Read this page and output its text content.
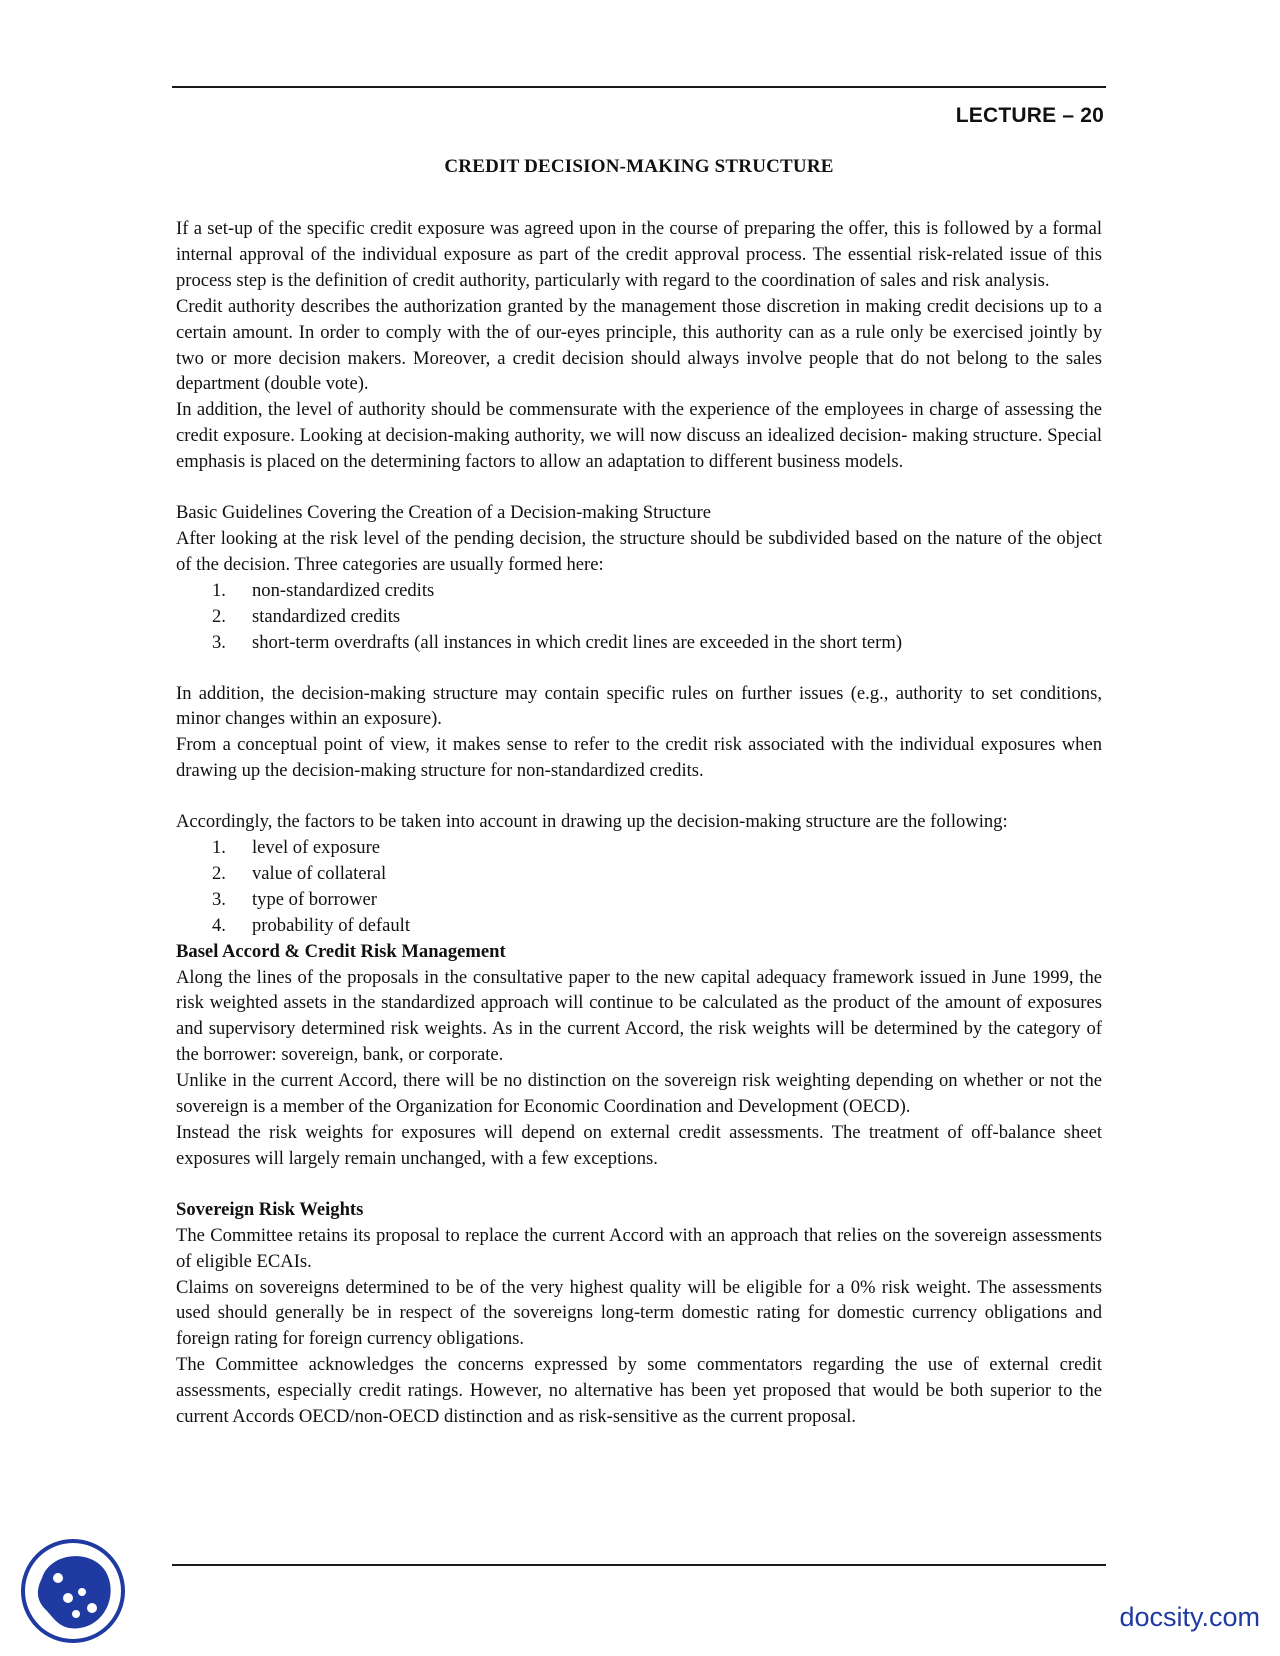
LECTURE – 20
CREDIT DECISION-MAKING STRUCTURE

If a set-up of the specific credit exposure was agreed upon in the course of preparing the offer, this is followed by a formal internal approval of the individual exposure as part of the credit approval process. The essential risk-related issue of this process step is the definition of credit authority, particularly with regard to the coordination of sales and risk analysis.

Credit authority describes the authorization granted by the management those discretion in making credit decisions up to a certain amount. In order to comply with the of our-eyes principle, this authority can as a rule only be exercised jointly by two or more decision makers. Moreover, a credit decision should always involve people that do not belong to the sales department (double vote).

In addition, the level of authority should be commensurate with the experience of the employees in charge of assessing the credit exposure. Looking at decision-making authority, we will now discuss an idealized decision- making structure. Special emphasis is placed on the determining factors to allow an adaptation to different business models.

Basic Guidelines Covering the Creation of a Decision-making Structure

After looking at the risk level of the pending decision, the structure should be subdivided based on the nature of the object of the decision. Three categories are usually formed here:

1. non-standardized credits
2. standardized credits
3. short-term overdrafts (all instances in which credit lines are exceeded in the short term)

In addition, the decision-making structure may contain specific rules on further issues (e.g., authority to set conditions, minor changes within an exposure).

From a conceptual point of view, it makes sense to refer to the credit risk associated with the individual exposures when drawing up the decision-making structure for non-standardized credits.

Accordingly, the factors to be taken into account in drawing up the decision-making structure are the following:

1. level of exposure
2. value of collateral
3. type of borrower
4. probability of default

Basel Accord & Credit Risk Management

Along the lines of the proposals in the consultative paper to the new capital adequacy framework issued in June 1999, the risk weighted assets in the standardized approach will continue to be calculated as the product of the amount of exposures and supervisory determined risk weights. As in the current Accord, the risk weights will be determined by the category of the borrower: sovereign, bank, or corporate.

Unlike in the current Accord, there will be no distinction on the sovereign risk weighting depending on whether or not the sovereign is a member of the Organization for Economic Coordination and Development (OECD).

Instead the risk weights for exposures will depend on external credit assessments. The treatment of off-balance sheet exposures will largely remain unchanged, with a few exceptions.

Sovereign Risk Weights

The Committee retains its proposal to replace the current Accord with an approach that relies on the sovereign assessments of eligible ECAIs.

Claims on sovereigns determined to be of the very highest quality will be eligible for a 0% risk weight. The assessments used should generally be in respect of the sovereigns long-term domestic rating for domestic currency obligations and foreign rating for foreign currency obligations.

The Committee acknowledges the concerns expressed by some commentators regarding the use of external credit assessments, especially credit ratings. However, no alternative has been yet proposed that would be both superior to the current Accords OECD/non-OECD distinction and as risk-sensitive as the current proposal.

docsity.com
